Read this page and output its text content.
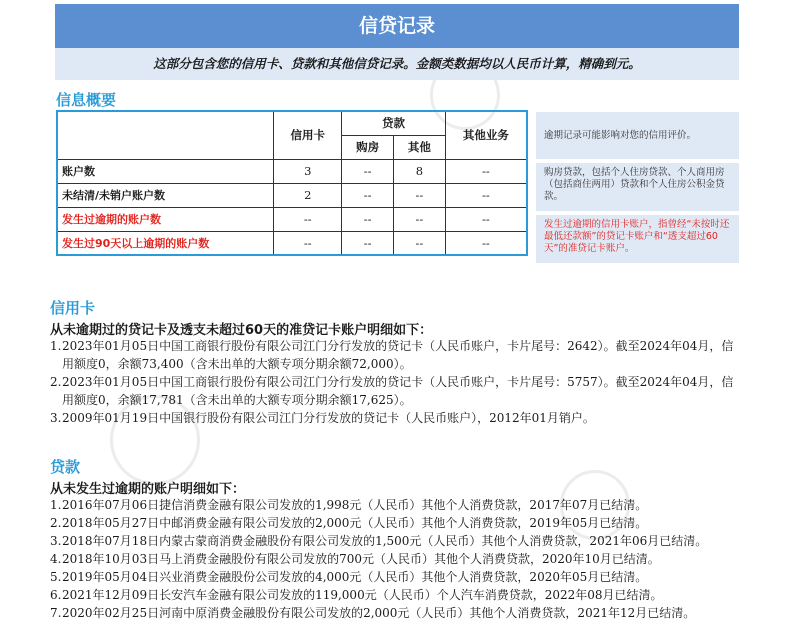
信贷记录
这部分包含您的信用卡、贷款和其他信贷记录。金额类数据均以人民币计算，精确到元。
信息概要
	信用卡	贷款		其他业务
		购房	其他	
账户数	3	--	8	--
未结清/未销户账户数	2	--	--	--
发生过逾期的账户数	--	--	--	--
发生过90天以上逾期的账户数	--	--	--	--
逾期记录可能影响对您的信用评价。
购房贷款，包括个人住房贷款、个人商用房（包括商住两用）贷款和个人住房公积金贷款。
发生过逾期的信用卡账户，指曾经“未按时还最低还款额”的贷记卡账户和“透支超过60天”的准贷记卡账户。
信用卡
从未逾期过的贷记卡及透支未超过60天的准贷记卡账户明细如下：
1. 2023年01月05日中国工商银行股份有限公司江门分行发放的贷记卡（人民币账户，卡片尾号：2642）。截至2024年04月，信用额度0，余额73,400（含未出单的大额专项分期余额72,000）。
2. 2023年01月05日中国工商银行股份有限公司江门分行发放的贷记卡（人民币账户，卡片尾号：5757）。截至2024年04月，信用额度0，余额17,781（含未出单的大额专项分期余额17,625）。
3. 2009年01月19日中国银行股份有限公司江门分行发放的贷记卡（人民币账户），2012年01月销户。
贷款
从未发生过逾期的账户明细如下：
1. 2016年07月06日捷信消费金融有限公司发放的1,998元（人民币）其他个人消费贷款，2017年07月已结清。
2. 2018年05月27日中邮消费金融有限公司发放的2,000元（人民币）其他个人消费贷款，2019年05月已结清。
3. 2018年07月18日内蒙古蒙商消费金融股份有限公司发放的1,500元（人民币）其他个人消费贷款，2021年06月已结清。
4. 2018年10月03日马上消费金融股份有限公司发放的700元（人民币）其他个人消费贷款，2020年10月已结清。
5. 2019年05月04日兴业消费金融股份公司发放的4,000元（人民币）其他个人消费贷款，2020年05月已结清。
6. 2021年12月09日长安汽车金融有限公司发放的119,000元（人民币）个人汽车消费贷款，2022年08月已结清。
7. 2020年02月25日河南中原消费金融股份有限公司发放的2,000元（人民币）其他个人消费贷款，2021年12月已结清。
